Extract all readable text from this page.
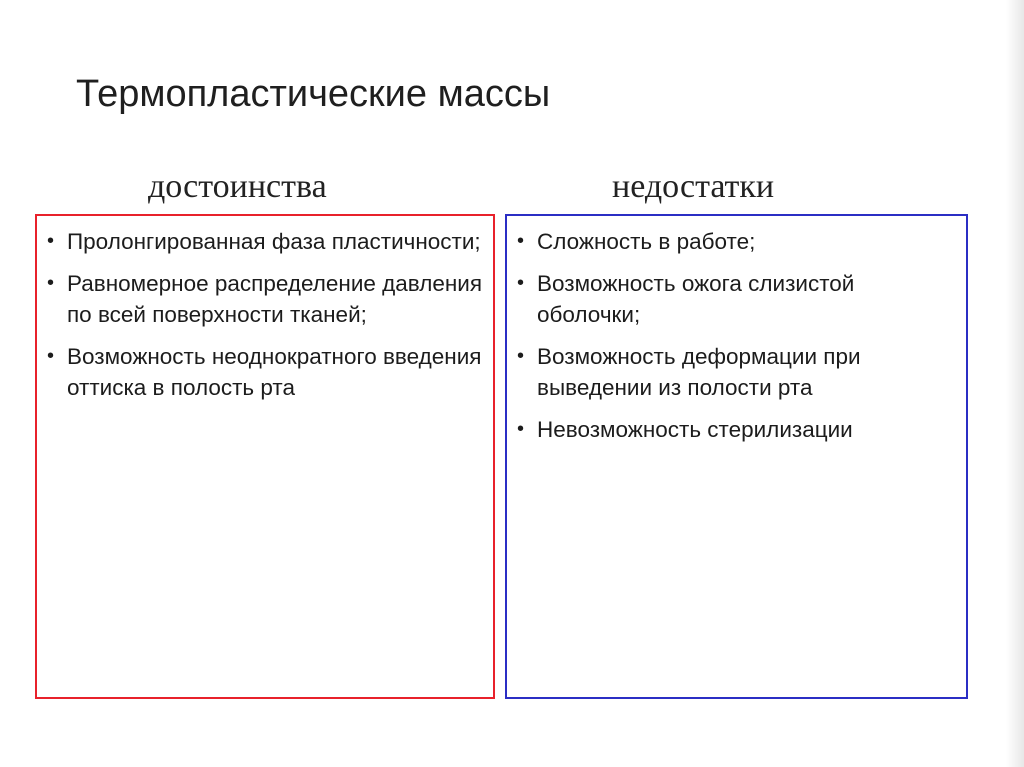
Термопластические массы
достоинства	недостатки
• Пролонгированная фаза пластичности;
• Равномерное распределение давления по всей поверхности тканей;
• Возможность неоднократного введения оттиска в полость рта
• Сложность в работе;
• Возможность ожога слизистой оболочки;
• Возможность деформации при выведении из полости рта
• Невозможность стерилизации
